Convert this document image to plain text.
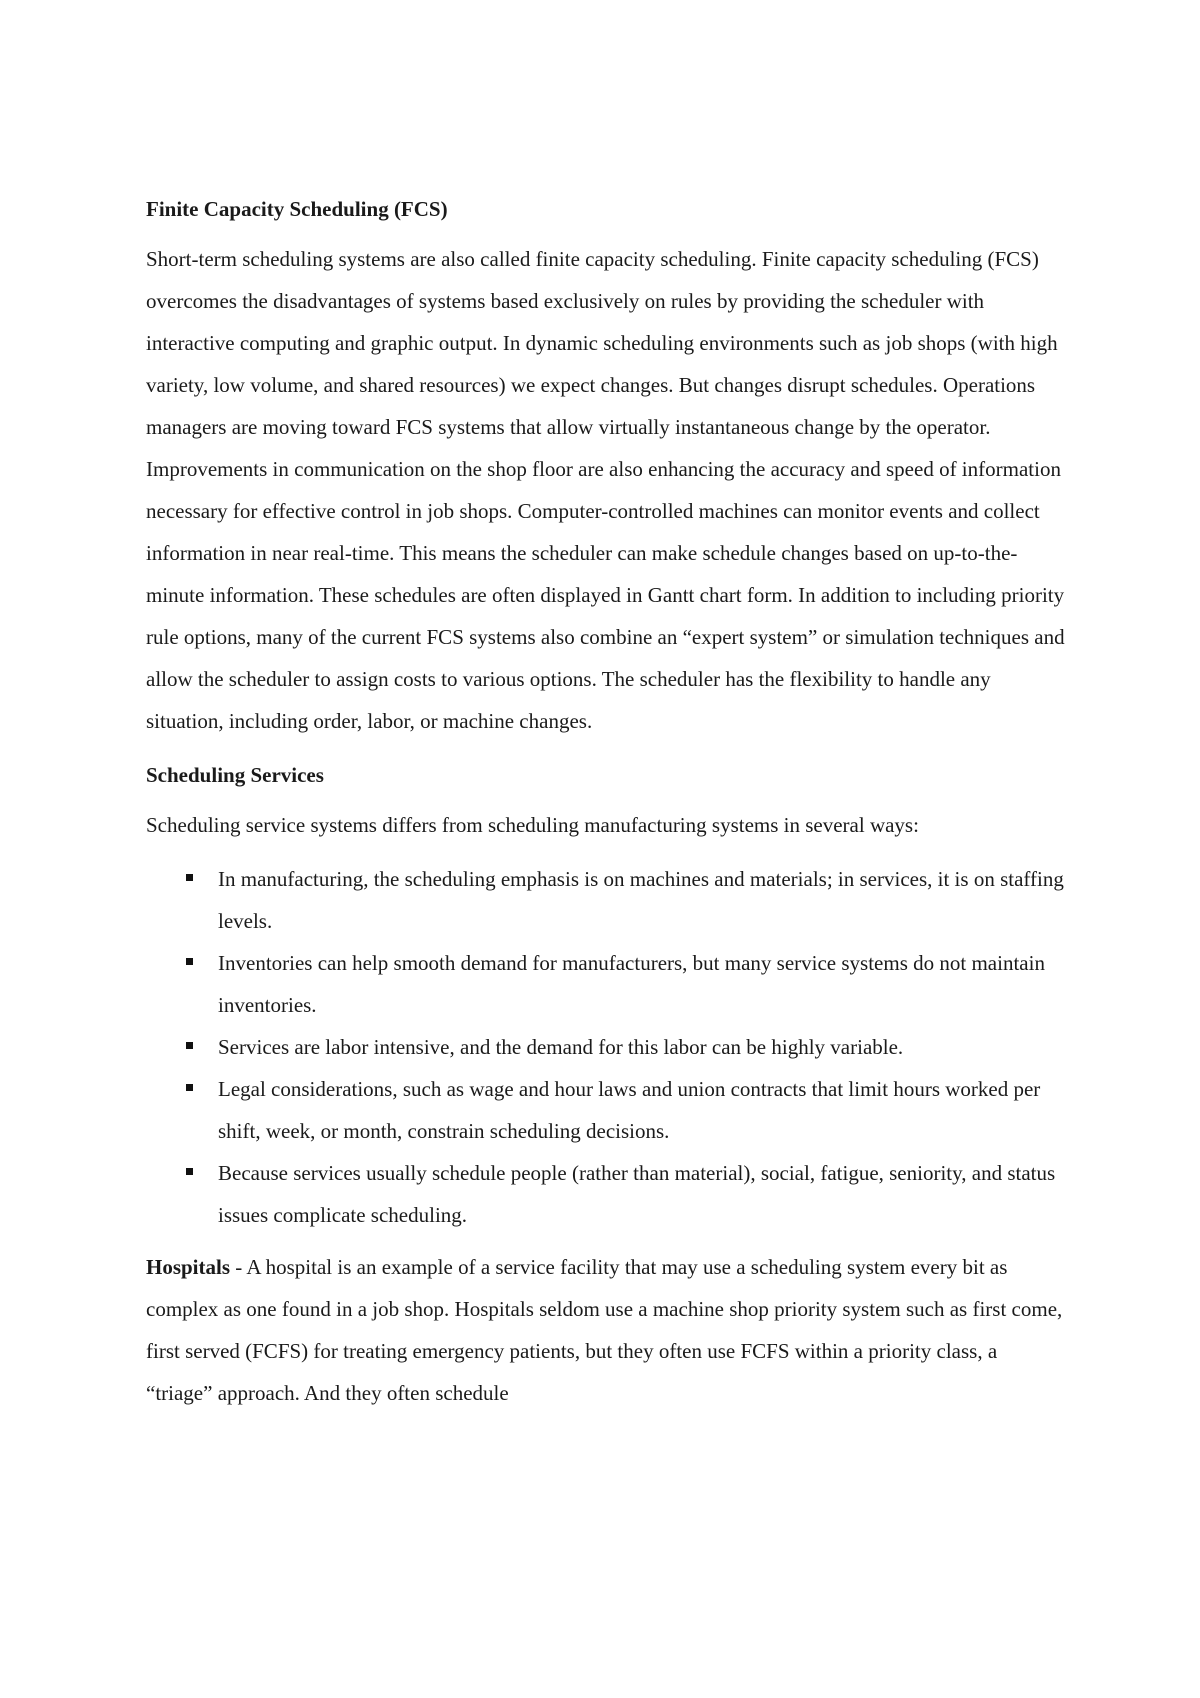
Finite Capacity Scheduling (FCS)

Short-term scheduling systems are also called finite capacity scheduling. Finite capacity scheduling (FCS) overcomes the disadvantages of systems based exclusively on rules by providing the scheduler with interactive computing and graphic output. In dynamic scheduling environments such as job shops (with high variety, low volume, and shared resources) we expect changes. But changes disrupt schedules. Operations managers are moving toward FCS systems that allow virtually instantaneous change by the operator. Improvements in communication on the shop floor are also enhancing the accuracy and speed of information necessary for effective control in job shops. Computer-controlled machines can monitor events and collect information in near real-time. This means the scheduler can make schedule changes based on up-to-the-minute information. These schedules are often displayed in Gantt chart form. In addition to including priority rule options, many of the current FCS systems also combine an “expert system” or simulation techniques and allow the scheduler to assign costs to various options. The scheduler has the flexibility to handle any situation, including order, labor, or machine changes.

Scheduling Services

Scheduling service systems differs from scheduling manufacturing systems in several ways:

In manufacturing, the scheduling emphasis is on machines and materials; in services, it is on staffing levels.
Inventories can help smooth demand for manufacturers, but many service systems do not maintain inventories.
Services are labor intensive, and the demand for this labor can be highly variable.
Legal considerations, such as wage and hour laws and union contracts that limit hours worked per shift, week, or month, constrain scheduling decisions.
Because services usually schedule people (rather than material), social, fatigue, seniority, and status issues complicate scheduling.

Hospitals - A hospital is an example of a service facility that may use a scheduling system every bit as complex as one found in a job shop. Hospitals seldom use a machine shop priority system such as first come, first served (FCFS) for treating emergency patients, but they often use FCFS within a priority class, a “triage” approach. And they often schedule
